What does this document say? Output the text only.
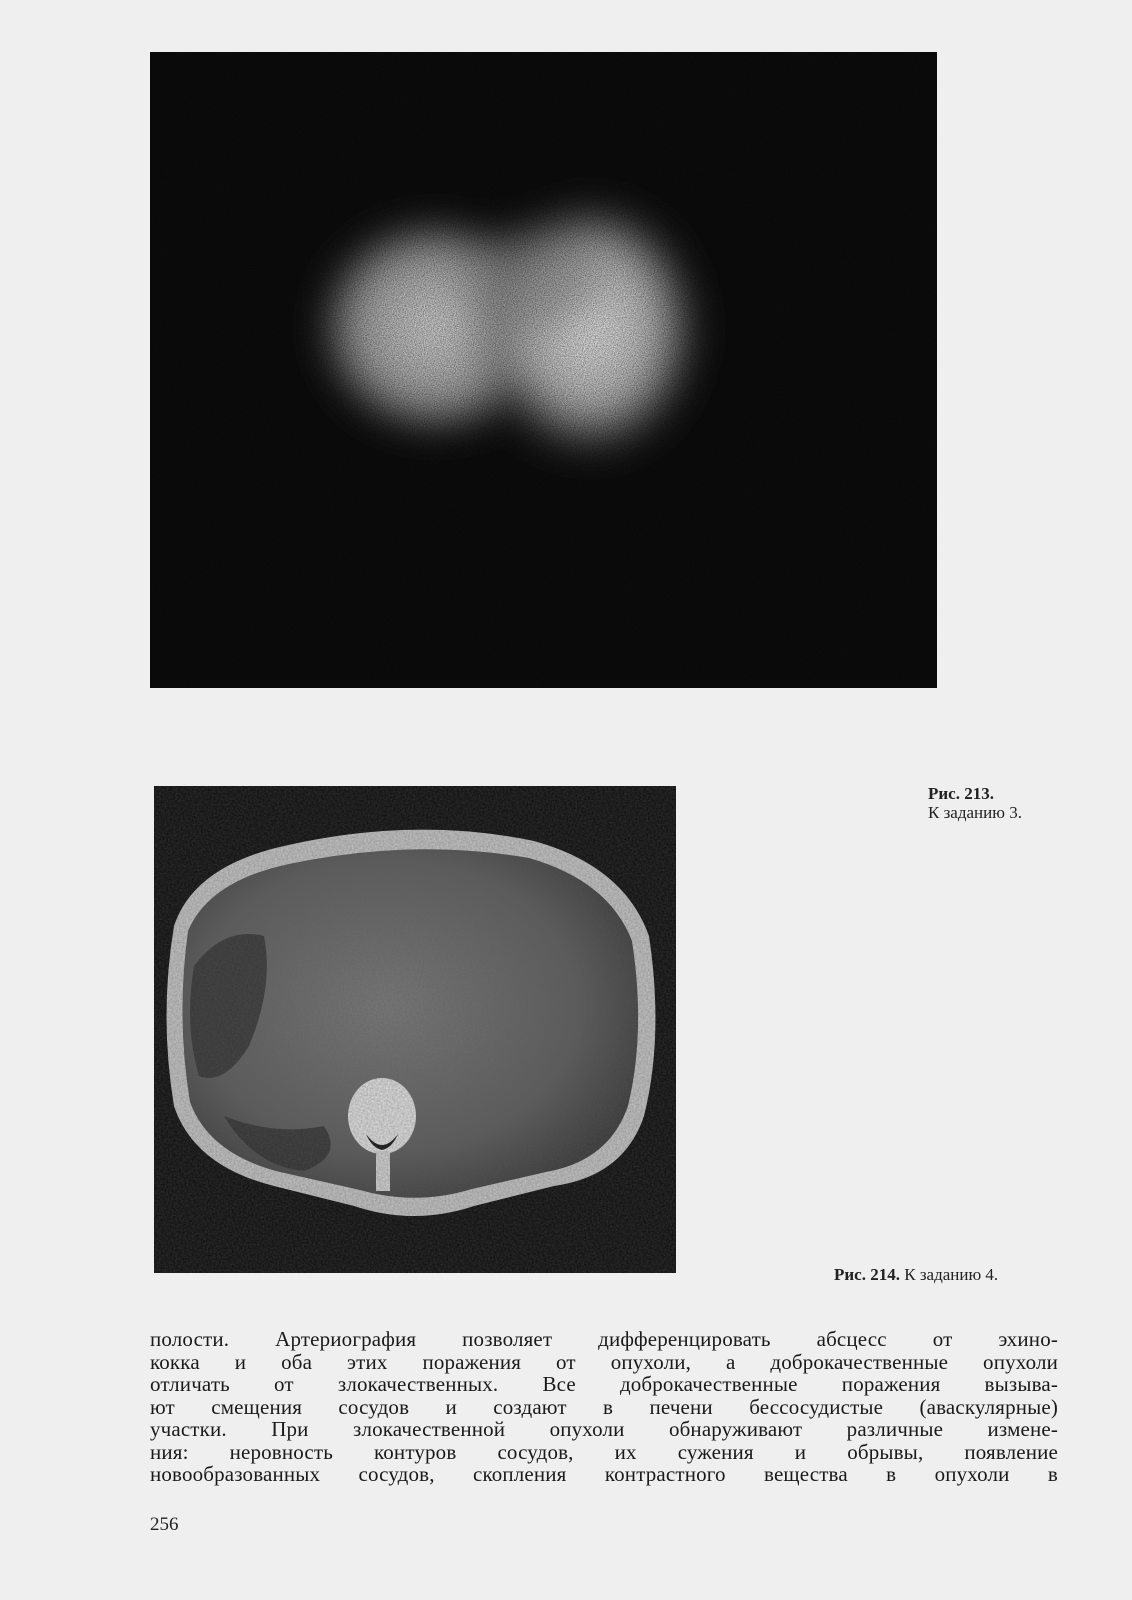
Рис. 213.
К заданию 3.
Рис. 214. К заданию 4.
полости. Артериография позволяет дифференцировать абсцесс от эхино-
кокка и оба этих поражения от опухоли, а доброкачественные опухоли
отличать от злокачественных. Все доброкачественные поражения вызыва-
ют смещения сосудов и создают в печени бессосудистые (аваскулярные)
участки. При злокачественной опухоли обнаруживают различные измене-
ния: неровность контуров сосудов, их сужения и обрывы, появление
новообразованных сосудов, скопления контрастного вещества в опухоли в
256
